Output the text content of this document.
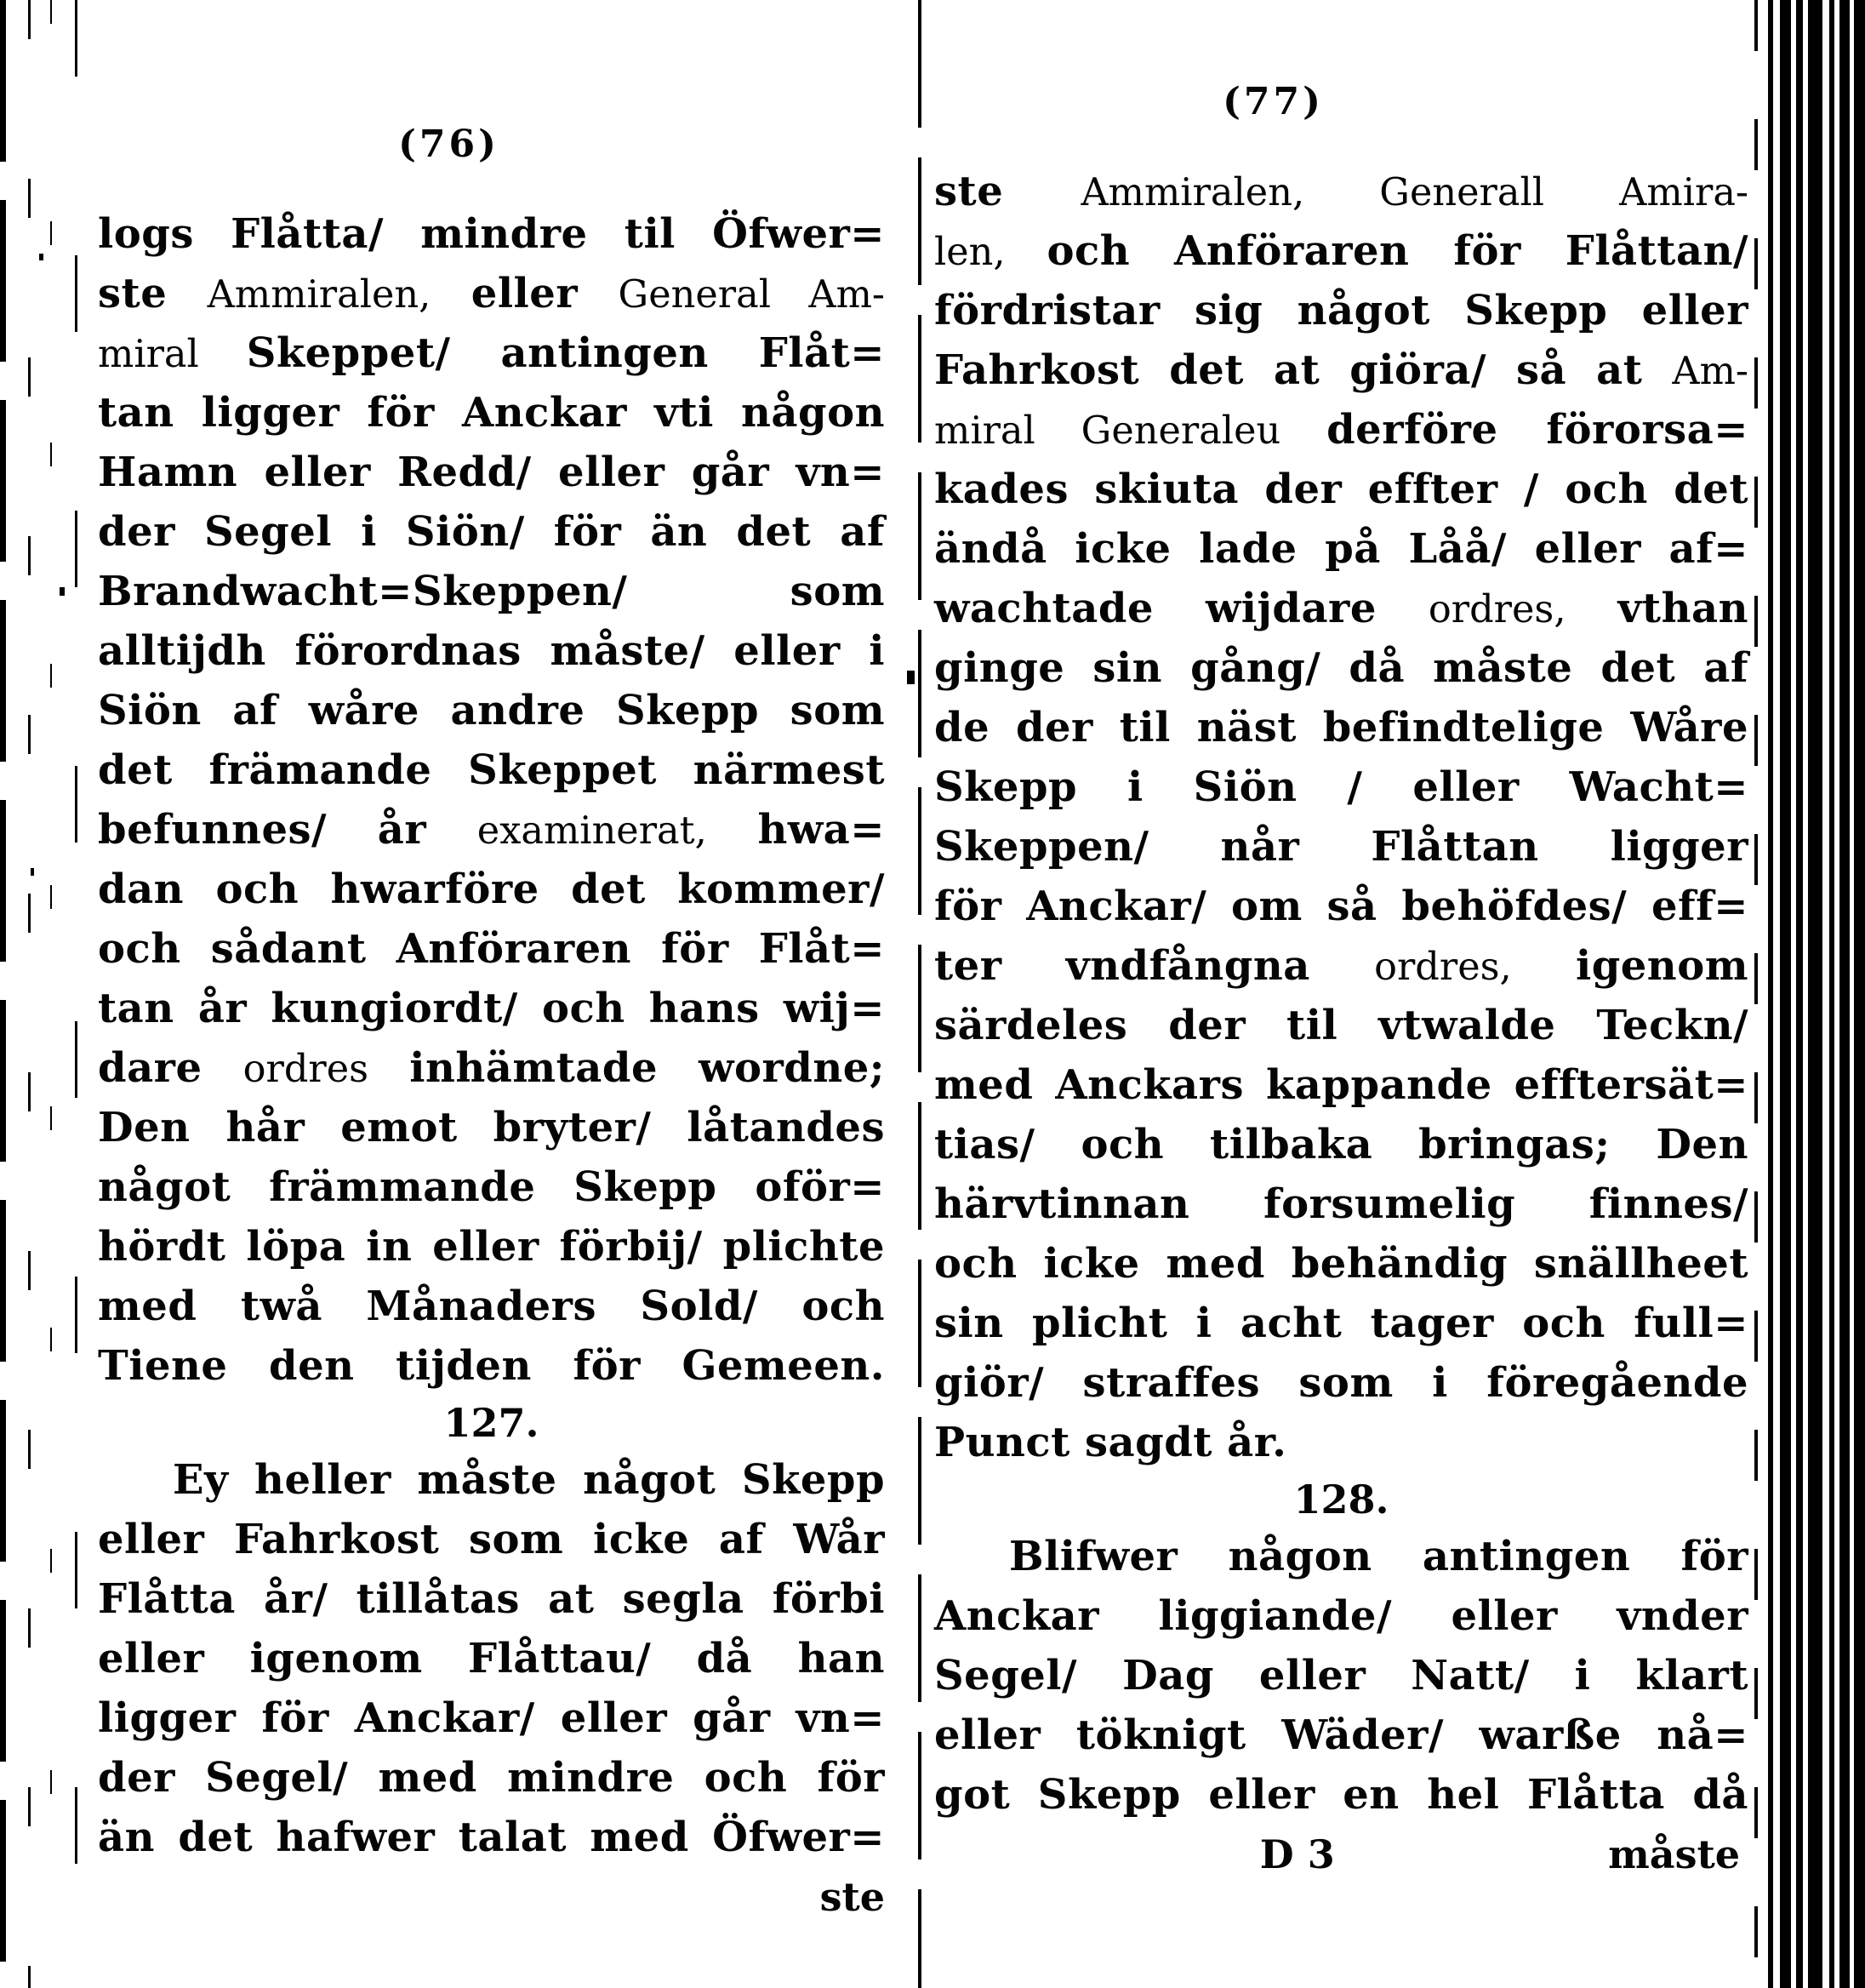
(76)
logs Flåtta/ mindre til Öfwer=
ste Ammiralen, eller General Am-
miral Skeppet/ antingen Flåt=
tan ligger för Anckar vti någon
Hamn eller Redd/ eller går vn=
der Segel i Siön/ för än det af
Brandwacht=Skeppen/ som
alltijdh förordnas måste/ eller i
Siön af wåre andre Skepp som
det främande Skeppet närmest
befunnes/ år examinerat, hwa=
dan och hwarföre det kommer/
och sådant Anföraren för Flåt=
tan år kungiordt/ och hans wij=
dare ordres inhämtade wordne;
Den hår emot bryter/ låtandes
något främmande Skepp oför=
hördt löpa in eller förbij/ plichte
med twå Månaders Sold/ och
Tiene den tijden för Gemeen.
127.
Ey heller måste något Skepp
eller Fahrkost som icke af Wår
Flåtta år/ tillåtas at segla förbi
eller igenom Flåttau/ då han
ligger för Anckar/ eller går vn=
der Segel/ med mindre och för
än det hafwer talat med Öfwer=
ste
(77)
ste Ammiralen, Generall Amira-
len, och Anföraren för Flåttan/
fördristar sig något Skepp eller
Fahrkost det at giöra/ så at Am-
miral Generaleu derföre förorsa=
kades skiuta der effter / och det
ändå icke lade på Låå/ eller af=
wachtade wijdare ordres, vthan
ginge sin gång/ då måste det af
de der til näst befindtelige Wåre
Skepp i Siön / eller Wacht=
Skeppen/ når Flåttan ligger
för Anckar/ om så behöfdes/ eff=
ter vndfångna ordres, igenom
särdeles der til vtwalde Teckn/
med Anckars kappande efftersät=
tias/ och tilbaka bringas; Den
härvtinnan forsumelig finnes/
och icke med behändig snällheet
sin plicht i acht tager och full=
giör/ straffes som i föregående
Punct sagdt år.
128.
Blifwer någon antingen för
Anckar liggiande/ eller vnder
Segel/ Dag eller Natt/ i klart
eller töknigt Wäder/ warße nå=
got Skepp eller en hel Flåtta då
D 3	måste
